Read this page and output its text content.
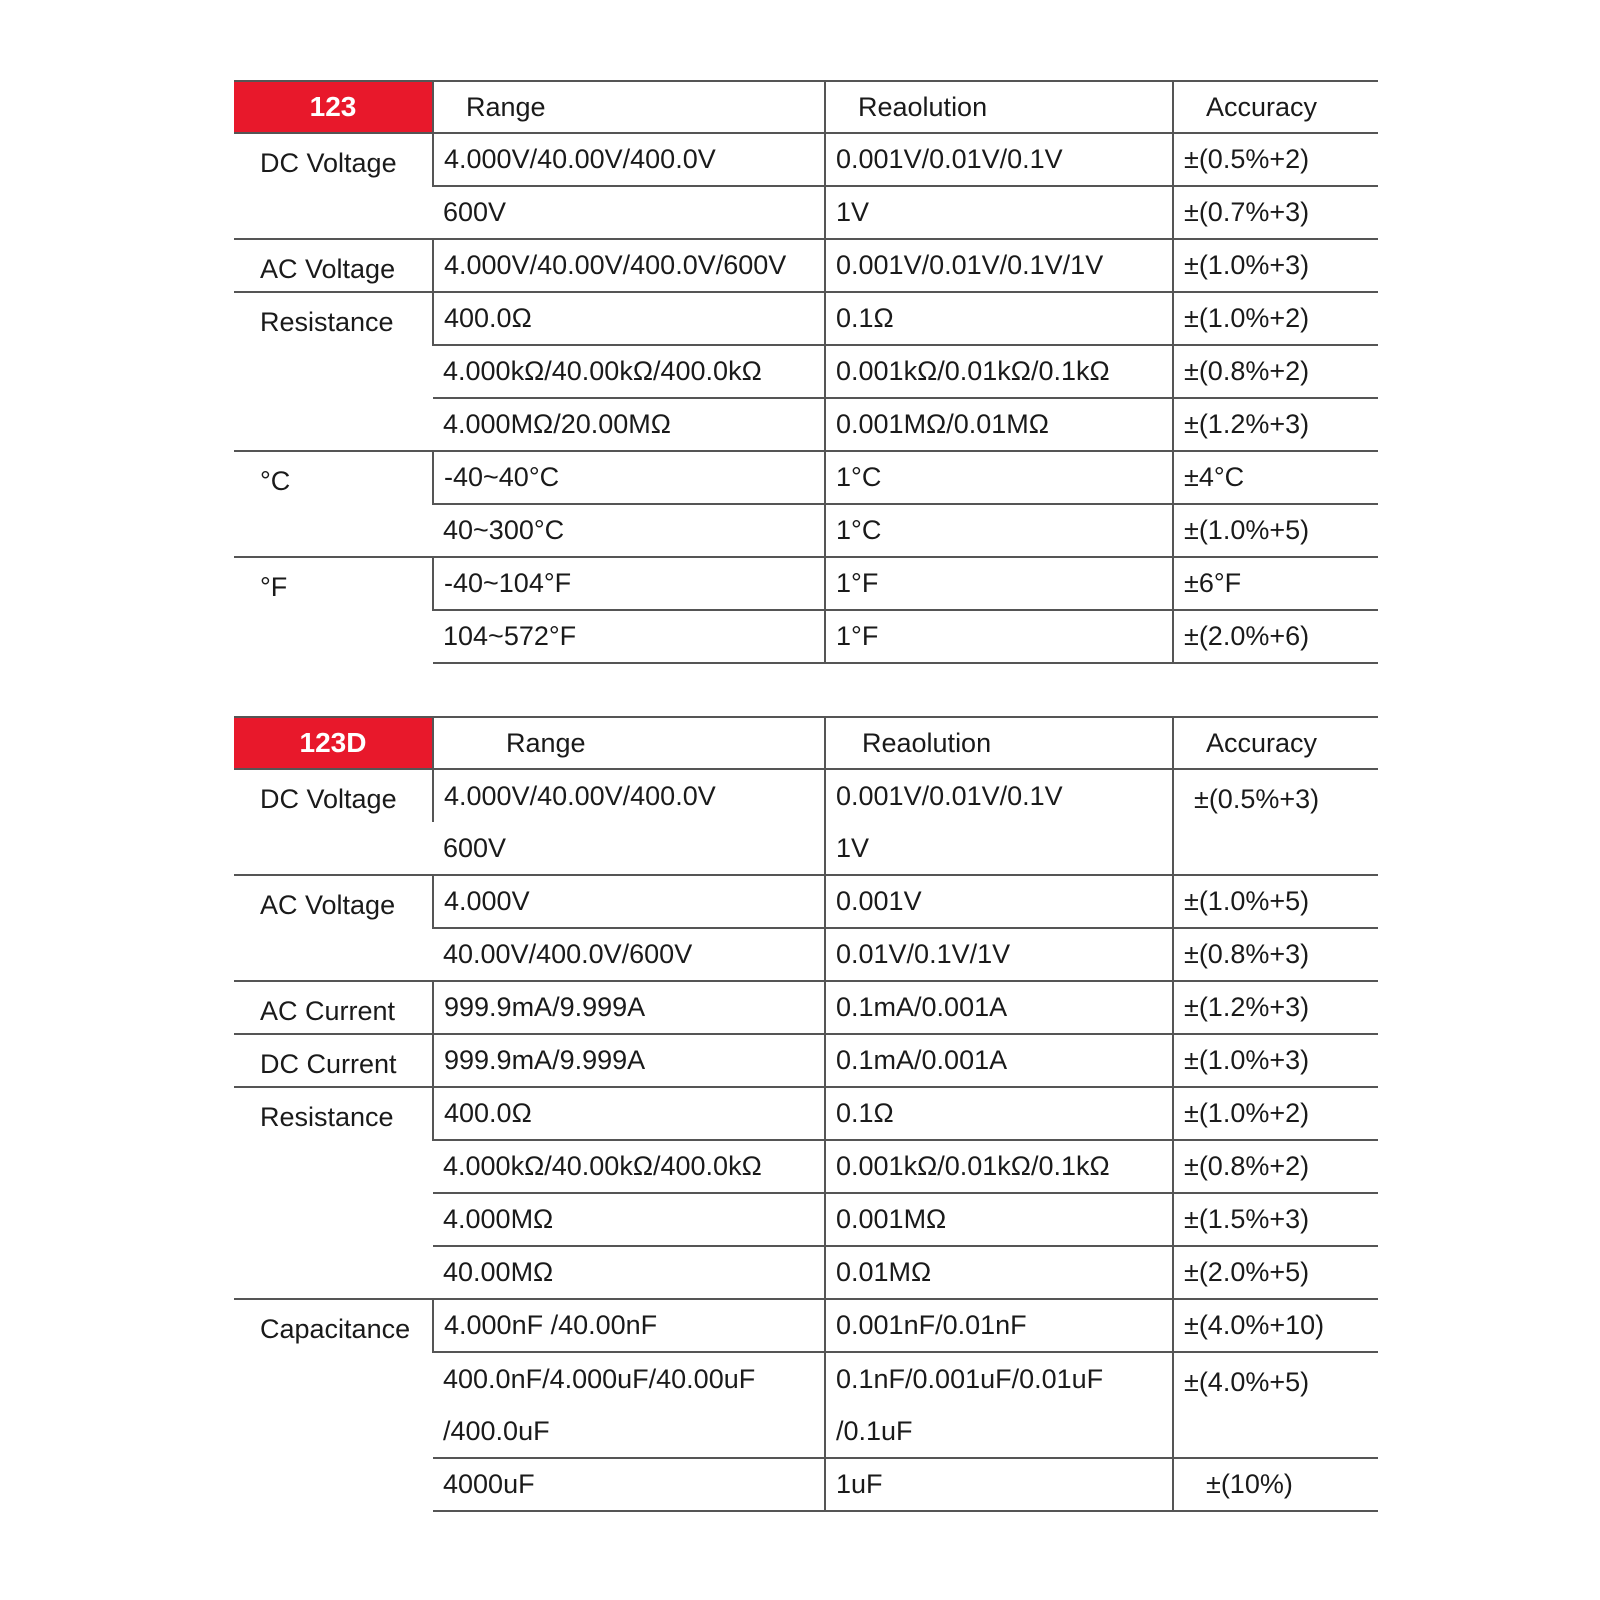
123	Range	Reaolution	Accuracy
DC Voltage	4.000V/40.00V/400.0V	0.001V/0.01V/0.1V	±(0.5%+2)
	600V	1V	±(0.7%+3)
AC Voltage	4.000V/40.00V/400.0V/600V	0.001V/0.01V/0.1V/1V	±(1.0%+3)
Resistance	400.0Ω	0.1Ω	±(1.0%+2)
	4.000kΩ/40.00kΩ/400.0kΩ	0.001kΩ/0.01kΩ/0.1kΩ	±(0.8%+2)
	4.000MΩ/20.00MΩ	0.001MΩ/0.01MΩ	±(1.2%+3)
°C	-40~40°C	1°C	±4°C
	40~300°C	1°C	±(1.0%+5)
°F	-40~104°F	1°F	±6°F
	104~572°F	1°F	±(2.0%+6)
123D	Range	Reaolution	Accuracy
DC Voltage	4.000V/40.00V/400.0V	0.001V/0.01V/0.1V	±(0.5%+3)
	600V	1V	
AC Voltage	4.000V	0.001V	±(1.0%+5)
	40.00V/400.0V/600V	0.01V/0.1V/1V	±(0.8%+3)
AC Current	999.9mA/9.999A	0.1mA/0.001A	±(1.2%+3)
DC Current	999.9mA/9.999A	0.1mA/0.001A	±(1.0%+3)
Resistance	400.0Ω	0.1Ω	±(1.0%+2)
	4.000kΩ/40.00kΩ/400.0kΩ	0.001kΩ/0.01kΩ/0.1kΩ	±(0.8%+2)
	4.000MΩ	0.001MΩ	±(1.5%+3)
	40.00MΩ	0.01MΩ	±(2.0%+5)
Capacitance	4.000nF /40.00nF	0.001nF/0.01nF	±(4.0%+10)
	400.0nF/4.000uF/40.00uF	0.1nF/0.001uF/0.01uF	±(4.0%+5)
	/400.0uF	/0.1uF	
	4000uF	1uF	±(10%)
